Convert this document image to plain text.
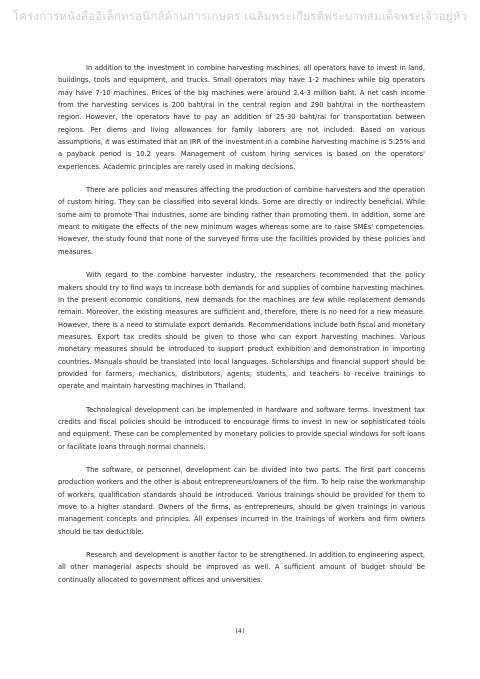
โครงการหนังสืออิเล็กทรอนิกส์ด้านการเกษตร เฉลิมพระเกียรติพระบาทสมเด็จพระเจ้าอยู่หัว

In addition to the investment in combine harvesting machines, all operators have to invest in land, buildings, tools and equipment, and trucks. Small operators may have 1-2 machines while big operators may have 7-10 machines. Prices of the big machines were around 2.4-3 million baht. A net cash income from the harvesting services is 200 baht/rai in the central region and 290 baht/rai in the northeastern region. However, the operators have to pay an addition of 25-30 baht/rai for transportation between regions. Per diems and living allowances for family laborers are not included. Based on various assumptions, it was estimated that an IRR of the investment in a combine harvesting machine is 5.25% and a payback period is 10.2 years. Management of custom hiring services is based on the operators' experiences. Academic principles are rarely used in making decisions.

There are policies and measures affecting the production of combine harvesters and the operation of custom hiring. They can be classified into several kinds. Some are directly or indirectly beneficial. While some aim to promote Thai industries, some are binding rather than promoting them. In addition, some are meant to mitigate the effects of the new minimum wages whereas some are to raise SMEs' competencies. However, the study found that none of the surveyed firms use the facilities provided by these policies and measures.

With regard to the combine harvester industry, the researchers recommended that the policy makers should try to find ways to increase both demands for and supplies of combine harvesting machines. In the present economic conditions, new demands for the machines are few while replacement demands remain. Moreover, the existing measures are sufficient and, therefore, there is no need for a new measure. However, there is a need to stimulate export demands. Recommendations include both fiscal and monetary measures. Export tax credits should be given to those who can export harvesting machines. Various monetary measures should be introduced to support product exhibition and demonstration in importing countries. Manuals should be translated into local languages. Scholarships and financial support should be provided for farmers, mechanics, distributors, agents, students, and teachers to receive trainings to operate and maintain harvesting machines in Thailand.

Technological development can be implemented in hardware and software terms. Investment tax credits and fiscal policies should be introduced to encourage firms to invest in new or sophisticated tools and equipment. These can be complemented by monetary policies to provide special windows for soft loans or facilitate loans through normal channels.

The software, or personnel, development can be divided into two parts. The first part concerns production workers and the other is about entrepreneurs/owners of the firm. To help raise the workmanship of workers, qualification standards should be introduced. Various trainings should be provided for them to move to a higher standard. Owners of the firms, as entrepreneurs, should be given trainings in various management concepts and principles. All expenses incurred in the trainings of workers and firm owners should be tax deductible.

Research and development is another factor to be strengthened. In addition to engineering aspect, all other managerial aspects should be improved as well. A sufficient amount of budget should be continually allocated to government offices and universities.

(4)
